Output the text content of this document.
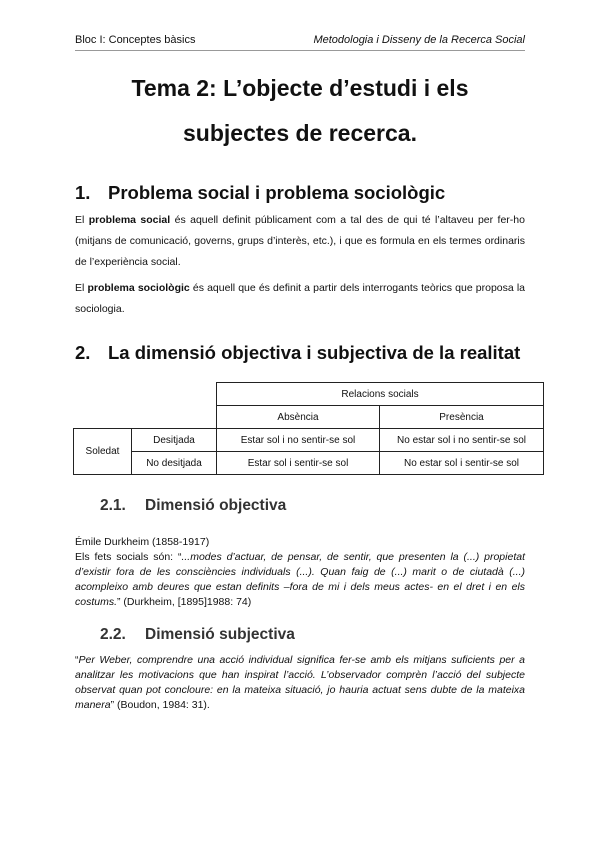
Bloc I: Conceptes bàsics	Metodologia i Disseny de la Recerca Social
Tema 2: L’objecte d’estudi i els
subjectes de recerca.
1. Problema social i problema sociològic

El problema social és aquell definit públicament com a tal des de qui té l’altaveu per fer-ho (mitjans de comunicació, governs, grups d’interès, etc.), i que es formula en els termes ordinaris de l’experiència social.

El problema sociològic és aquell que és definit a partir dels interrogants teòrics que proposa la sociologia.

2. La dimensió objectiva i subjectiva de la realitat
		Relacions socials	
		Absència	Presència
Soledat	Desitjada	Estar sol i no sentir-se sol	No estar sol i no sentir-se sol
	No desitjada	Estar sol i sentir-se sol	No estar sol i sentir-se sol
2.1. Dimensió objectiva

Émile Durkheim (1858-1917)

Els fets socials són: “...modes d’actuar, de pensar, de sentir, que presenten la (...) propietat d’existir fora de les consciències individuals (...). Quan faig de (...) marit o de ciutadà (...) acompleixo amb deures que estan definits –fora de mi i dels meus actes- en el dret i en els costums.” (Durkheim, [1895]1988: 74)

2.2. Dimensió subjectiva

“Per Weber, comprendre una acció individual significa fer-se amb els mitjans suficients per a analitzar les motivacions que han inspirat l’acció. L’observador comprèn l’acció del subjecte observat quan pot concloure: en la mateixa situació, jo hauria actuat sens dubte de la mateixa manera” (Boudon, 1984: 31).
